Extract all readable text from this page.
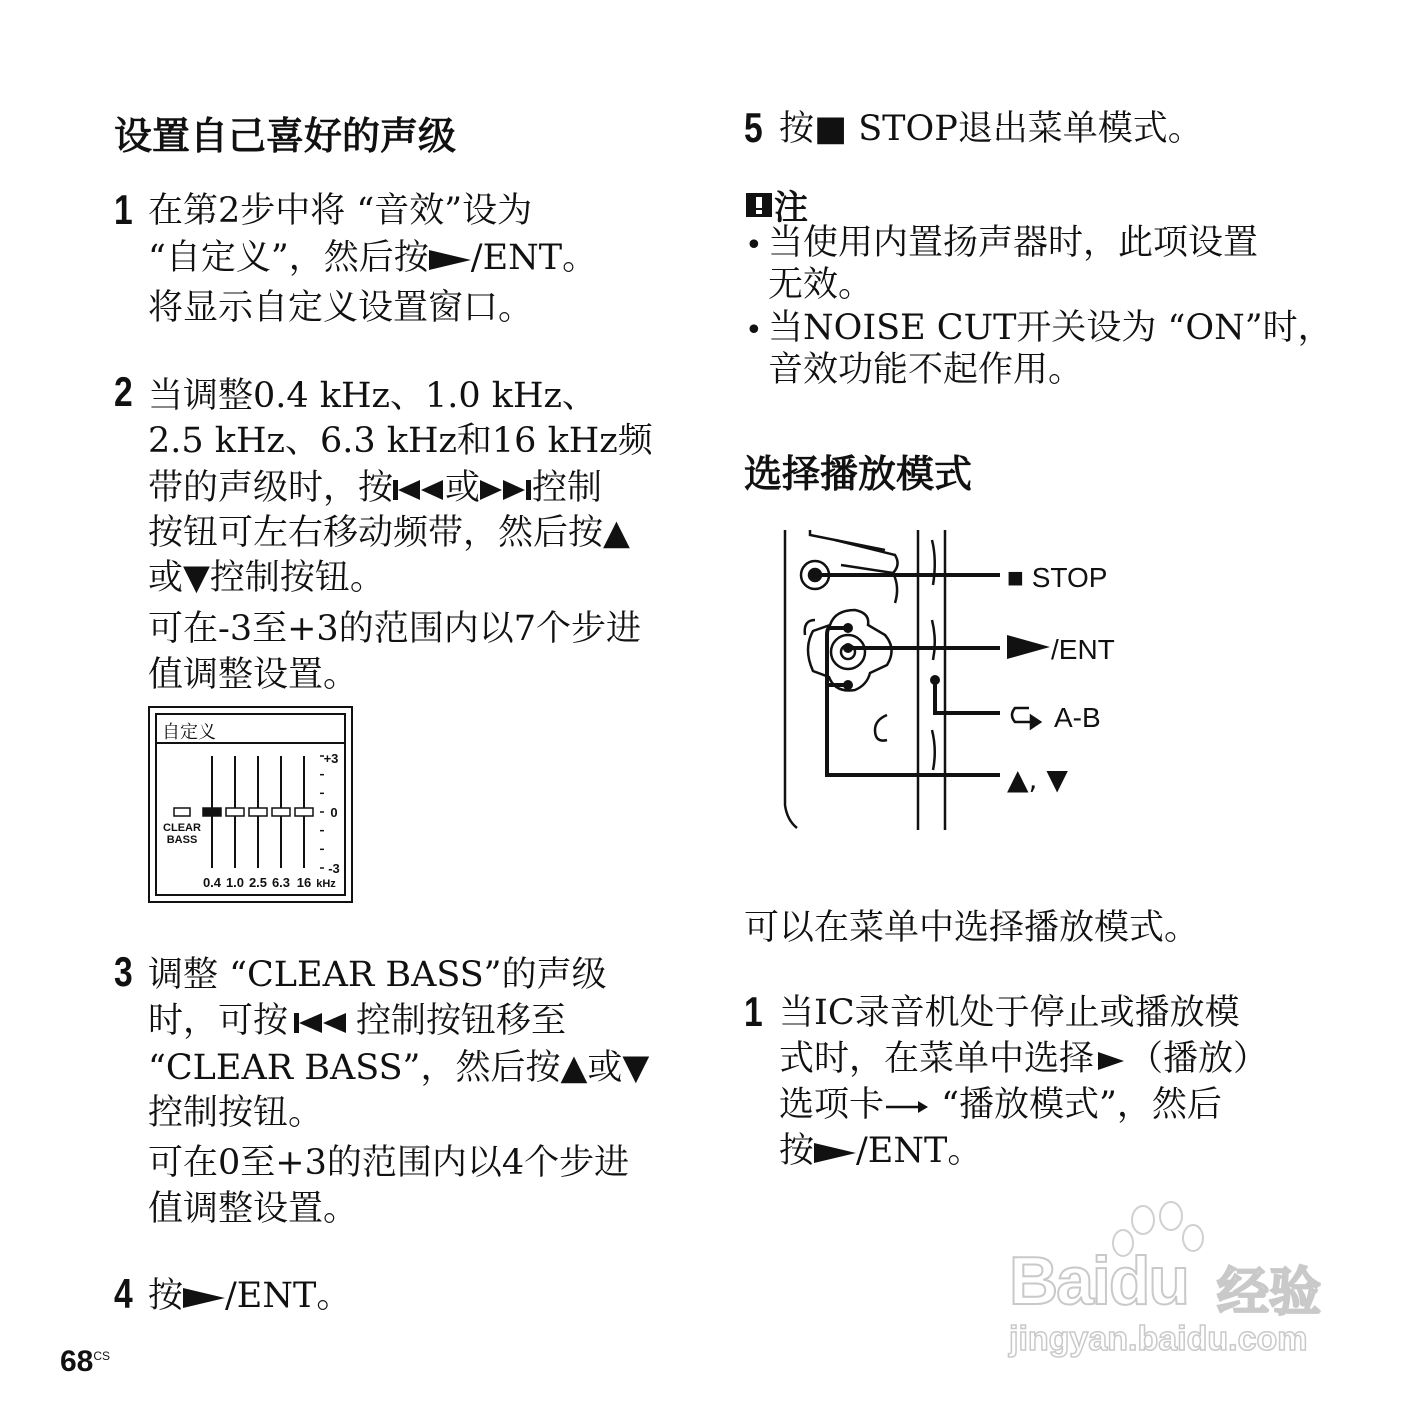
设置自己喜好的声级
1 在第2步中将 “音效”设为
“自定义”，然后按 /ENT。
将显示自定义设置窗口。
2 当调整0.4 kHz、1.0 kHz、
2.5 kHz、6.3 kHz和16 kHz频
带的声级时，按 或 控制
按钮可左右移动频带，然后按▲
或▼控制按钮。
可在-3至+3的范围内以7个步进
值调整设置。
自定义
+3
0
-3
CLEAR
BASS
kHz
0.4 1.0 2.5 6.3 16
3 调整 “CLEAR BASS”的声级
时，可按 控制按钮移至
“CLEAR BASS”，然后按▲或▼
控制按钮。
可在0至+3的范围内以4个步进
值调整设置。
4 按 /ENT。
$68^{CS}$
5 按■ STOP退出菜单模式。
注
• 当使用内置扬声器时，此项设置
无效。
• 当NOISE CUT开关设为 “ON”时，
音效功能不起作用。
选择播放模式
■ STOP
/ENT
A-B
▲, ▼
可以在菜单中选择播放模式。
1 当IC录音机处于停止或播放模
式时，在菜单中选择 （播放）
选项卡 “播放模式”，然后
按 /ENT。
Baidu 经验
jingyan.baidu.com
